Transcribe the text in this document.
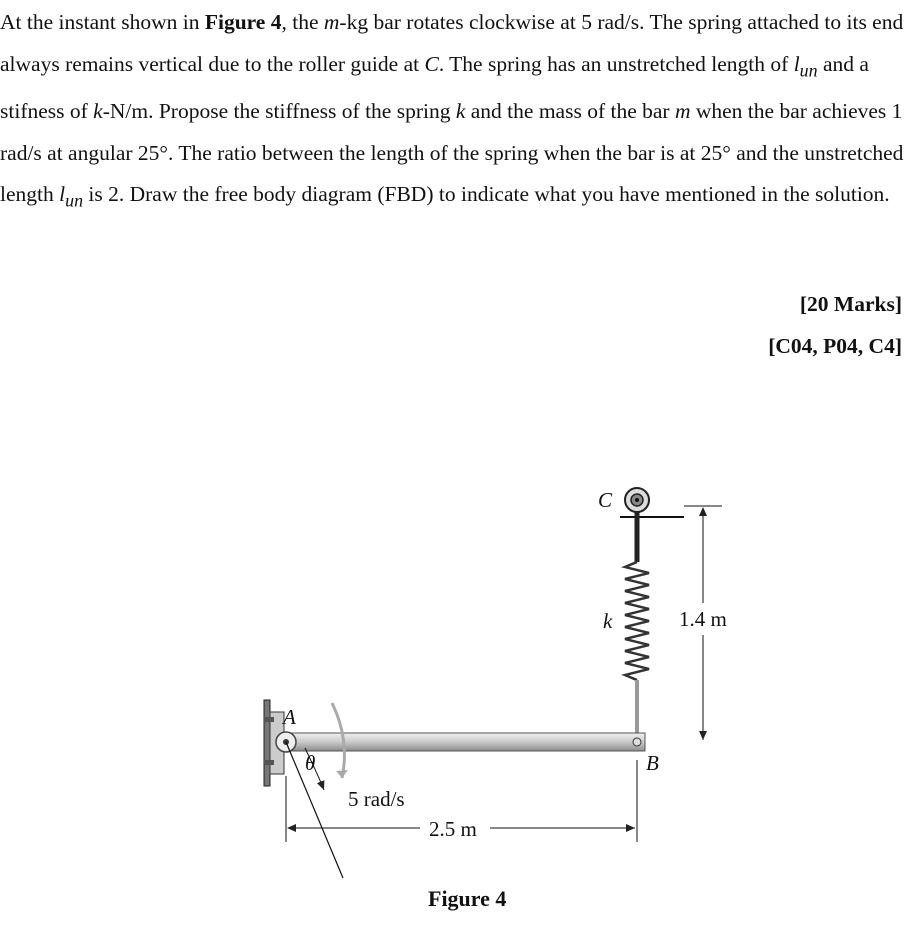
At the instant shown in Figure 4, the m-kg bar rotates clockwise at 5 rad/s. The spring attached to its end always remains vertical due to the roller guide at C. The spring has an unstretched length of $l_{un}$ and a stifness of k-N/m. Propose the stiffness of the spring k and the mass of the bar m when the bar achieves 1 rad/s at angular 25°. The ratio between the length of the spring when the bar is at 25° and the unstretched length $l_{un}$ is 2. Draw the free body diagram (FBD) to indicate what you have mentioned in the solution.
[20 Marks]
[C04, P04, C4]
C
k	1.4 m
A
B
5 rad/s
θ
2.5 m
Figure 4
